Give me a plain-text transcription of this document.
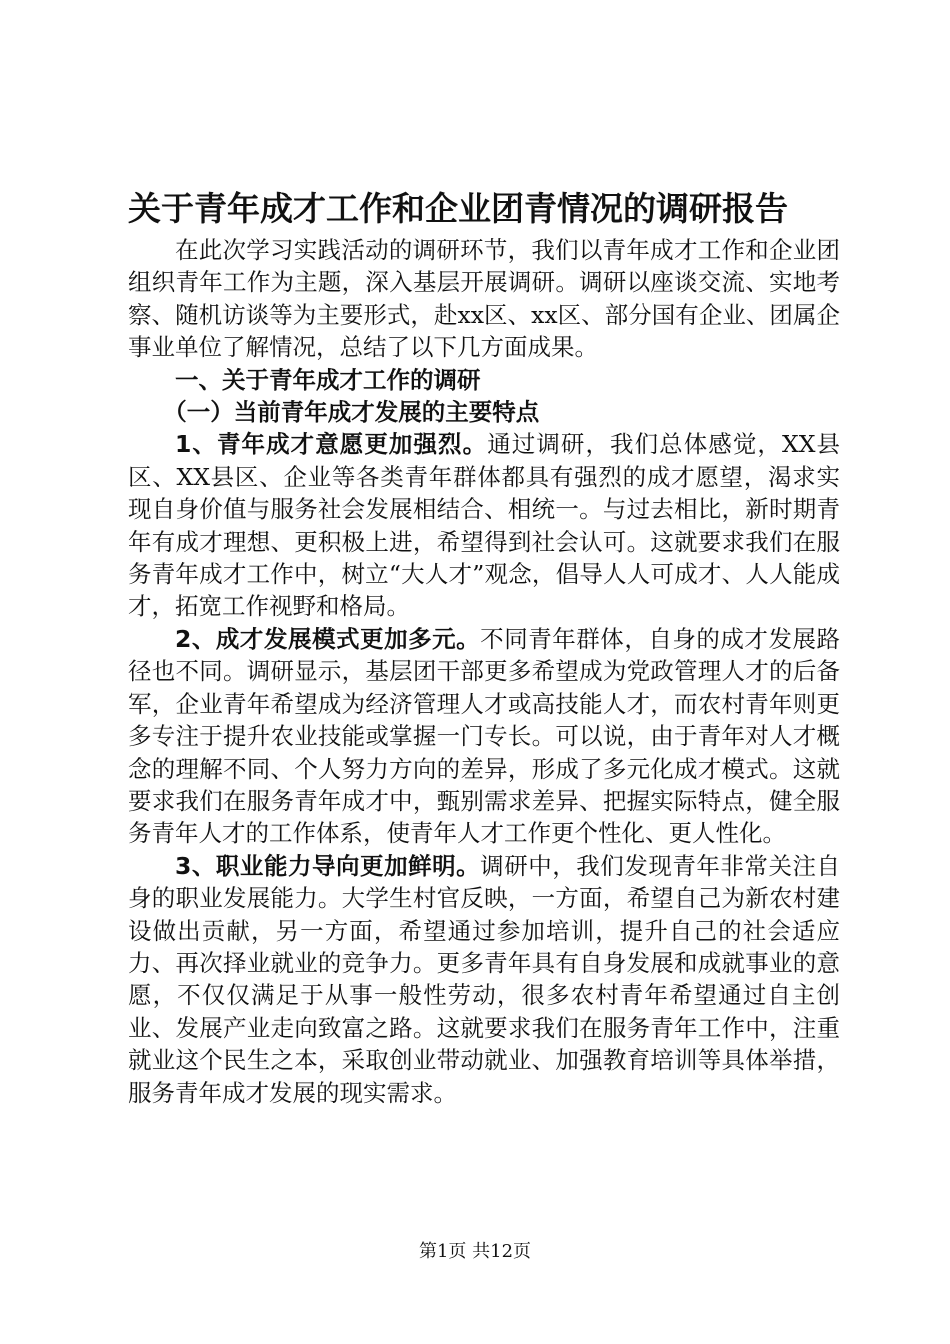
关于青年成才工作和企业团青情况的调研报告

在此次学习实践活动的调研环节，我们以青年成才工作和企业团组织青年工作为主题，深入基层开展调研。调研以座谈交流、实地考察、随机访谈等为主要形式，赴xx区、xx区、部分国有企业、团属企事业单位了解情况，总结了以下几方面成果。

一、关于青年成才工作的调研

（一）当前青年成才发展的主要特点

1、青年成才意愿更加强烈。通过调研，我们总体感觉，XX县区、XX县区、企业等各类青年群体都具有强烈的成才愿望，渴求实现自身价值与服务社会发展相结合、相统一。与过去相比，新时期青年有成才理想、更积极上进，希望得到社会认可。这就要求我们在服务青年成才工作中，树立“大人才”观念，倡导人人可成才、人人能成才，拓宽工作视野和格局。

2、成才发展模式更加多元。不同青年群体，自身的成才发展路径也不同。调研显示，基层团干部更多希望成为党政管理人才的后备军，企业青年希望成为经济管理人才或高技能人才，而农村青年则更多专注于提升农业技能或掌握一门专长。可以说，由于青年对人才概念的理解不同、个人努力方向的差异，形成了多元化成才模式。这就要求我们在服务青年成才中，甄别需求差异、把握实际特点，健全服务青年人才的工作体系，使青年人才工作更个性化、更人性化。

3、职业能力导向更加鲜明。调研中，我们发现青年非常关注自身的职业发展能力。大学生村官反映，一方面，希望自己为新农村建设做出贡献，另一方面，希望通过参加培训，提升自己的社会适应力、再次择业就业的竞争力。更多青年具有自身发展和成就事业的意愿，不仅仅满足于从事一般性劳动，很多农村青年希望通过自主创业、发展产业走向致富之路。这就要求我们在服务青年工作中，注重就业这个民生之本，采取创业带动就业、加强教育培训等具体举措，服务青年成才发展的现实需求。

第1页 共12页
